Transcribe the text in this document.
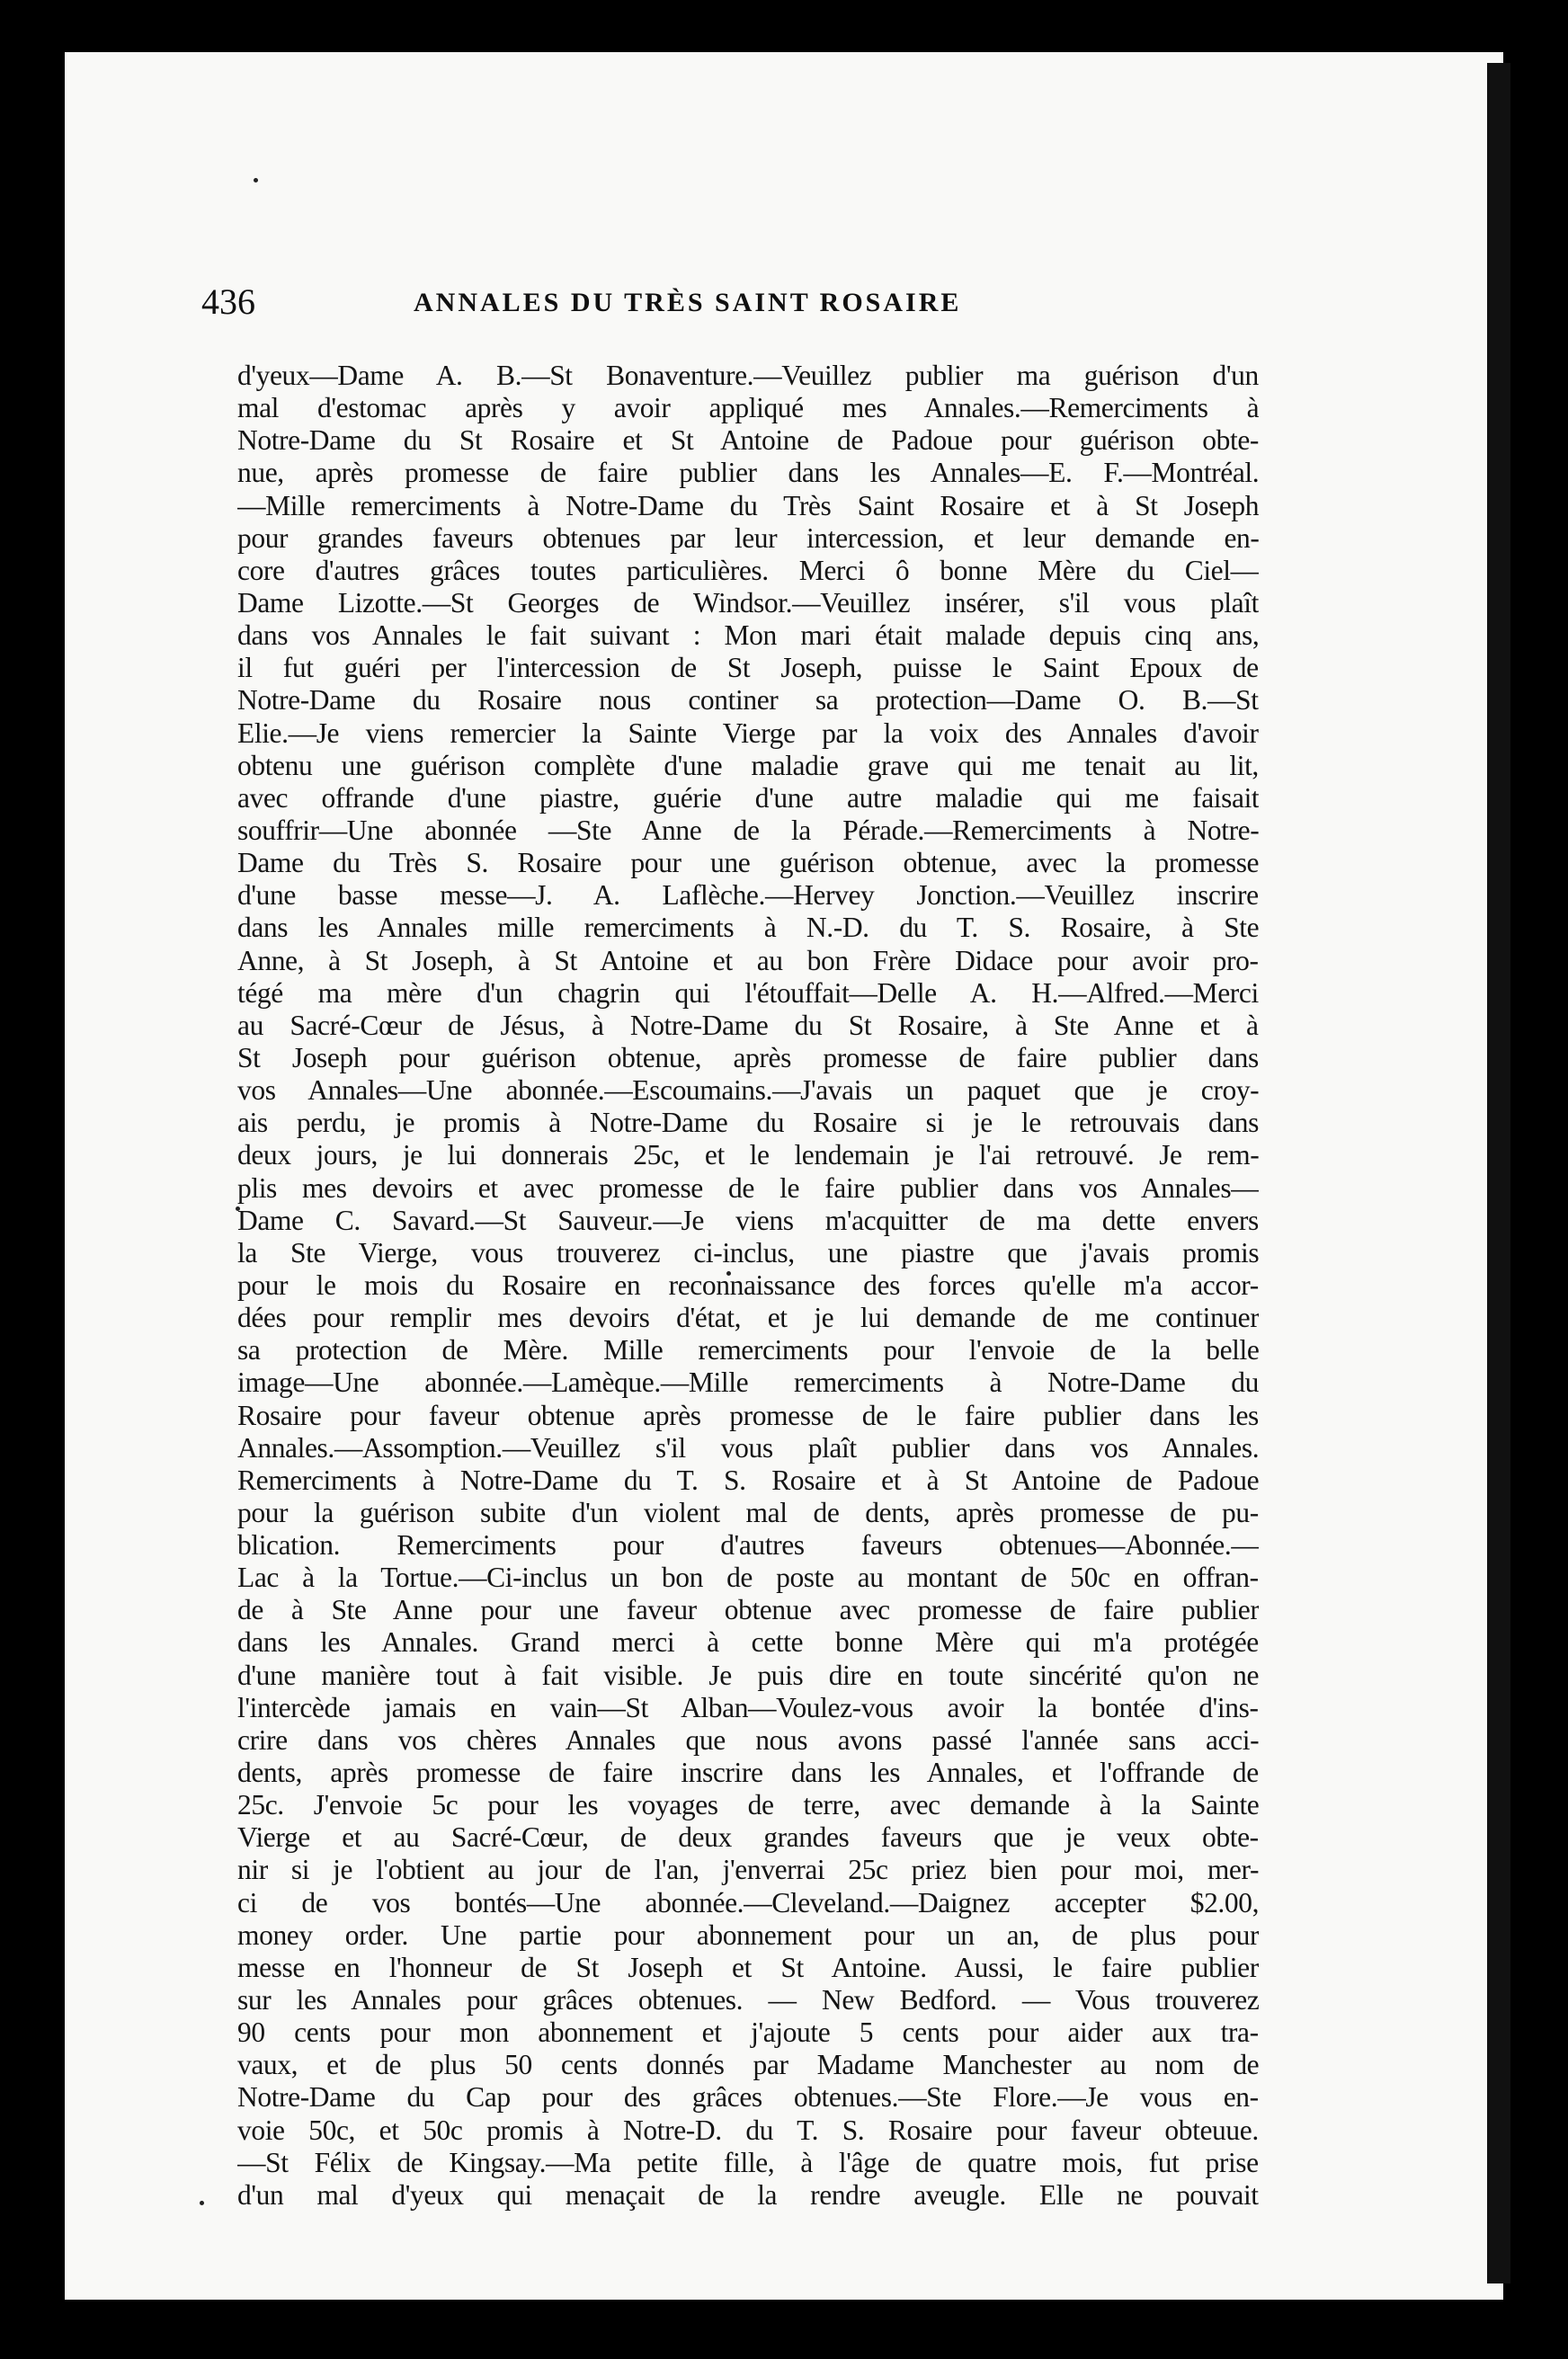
436	ANNALES DU TRÈS SAINT ROSAIRE
d'yeux—Dame A. B.—St Bonaventure.—Veuillez publier ma guérison d'un
mal d'estomac après y avoir appliqué mes Annales.—Remerciments à
Notre-Dame du St Rosaire et St Antoine de Padoue pour guérison obte-
nue, après promesse de faire publier dans les Annales—E. F.—Montréal.
—Mille remerciments à Notre-Dame du Très Saint Rosaire et à St Joseph
pour grandes faveurs obtenues par leur intercession, et leur demande en-
core d'autres grâces toutes particulières. Merci ô bonne Mère du Ciel—
Dame Lizotte.—St Georges de Windsor.—Veuillez insérer, s'il vous plaît
dans vos Annales le fait suivant : Mon mari était malade depuis cinq ans,
il fut guéri per l'intercession de St Joseph, puisse le Saint Epoux de
Notre-Dame du Rosaire nous continer sa protection—Dame O. B.—St
Elie.—Je viens remercier la Sainte Vierge par la voix des Annales d'avoir
obtenu une guérison complète d'une maladie grave qui me tenait au lit,
avec offrande d'une piastre, guérie d'une autre maladie qui me faisait
souffrir—Une abonnée —Ste Anne de la Pérade.—Remerciments à Notre-
Dame du Très S. Rosaire pour une guérison obtenue, avec la promesse
d'une basse messe—J. A. Laflèche.—Hervey Jonction.—Veuillez inscrire
dans les Annales mille remerciments à N.-D. du T. S. Rosaire, à Ste
Anne, à St Joseph, à St Antoine et au bon Frère Didace pour avoir pro-
tégé ma mère d'un chagrin qui l'étouffait—Delle A. H.—Alfred.—Merci
au Sacré-Cœur de Jésus, à Notre-Dame du St Rosaire, à Ste Anne et à
St Joseph pour guérison obtenue, après promesse de faire publier dans
vos Annales—Une abonnée.—Escoumains.—J'avais un paquet que je croy-
ais perdu, je promis à Notre-Dame du Rosaire si je le retrouvais dans
deux jours, je lui donnerais 25c, et le lendemain je l'ai retrouvé. Je rem-
plis mes devoirs et avec promesse de le faire publier dans vos Annales—
Dame C. Savard.—St Sauveur.—Je viens m'acquitter de ma dette envers
la Ste Vierge, vous trouverez ci-inclus, une piastre que j'avais promis
pour le mois du Rosaire en reconnaissance des forces qu'elle m'a accor-
dées pour remplir mes devoirs d'état, et je lui demande de me continuer
sa protection de Mère. Mille remerciments pour l'envoie de la belle
image—Une abonnée.—Lamèque.—Mille remerciments à Notre-Dame du
Rosaire pour faveur obtenue après promesse de le faire publier dans les
Annales.—Assomption.—Veuillez s'il vous plaît publier dans vos Annales.
Remerciments à Notre-Dame du T. S. Rosaire et à St Antoine de Padoue
pour la guérison subite d'un violent mal de dents, après promesse de pu-
blication. Remerciments pour d'autres faveurs obtenues—Abonnée.—
Lac à la Tortue.—Ci-inclus un bon de poste au montant de 50c en offran-
de à Ste Anne pour une faveur obtenue avec promesse de faire publier
dans les Annales. Grand merci à cette bonne Mère qui m'a protégée
d'une manière tout à fait visible. Je puis dire en toute sincérité qu'on ne
l'intercède jamais en vain—St Alban—Voulez-vous avoir la bontée d'ins-
crire dans vos chères Annales que nous avons passé l'année sans acci-
dents, après promesse de faire inscrire dans les Annales, et l'offrande de
25c. J'envoie 5c pour les voyages de terre, avec demande à la Sainte
Vierge et au Sacré-Cœur, de deux grandes faveurs que je veux obte-
nir si je l'obtient au jour de l'an, j'enverrai 25c priez bien pour moi, mer-
ci de vos bontés—Une abonnée.—Cleveland.—Daignez accepter $2.00,
money order. Une partie pour abonnement pour un an, de plus pour
messe en l'honneur de St Joseph et St Antoine. Aussi, le faire publier
sur les Annales pour grâces obtenues. — New Bedford. — Vous trouverez
90 cents pour mon abonnement et j'ajoute 5 cents pour aider aux tra-
vaux, et de plus 50 cents donnés par Madame Manchester au nom de
Notre-Dame du Cap pour des grâces obtenues.—Ste Flore.—Je vous en-
voie 50c, et 50c promis à Notre-D. du T. S. Rosaire pour faveur obteuue.
—St Félix de Kingsay.—Ma petite fille, à l'âge de quatre mois, fut prise
d'un mal d'yeux qui menaçait de la rendre aveugle. Elle ne pouvait
